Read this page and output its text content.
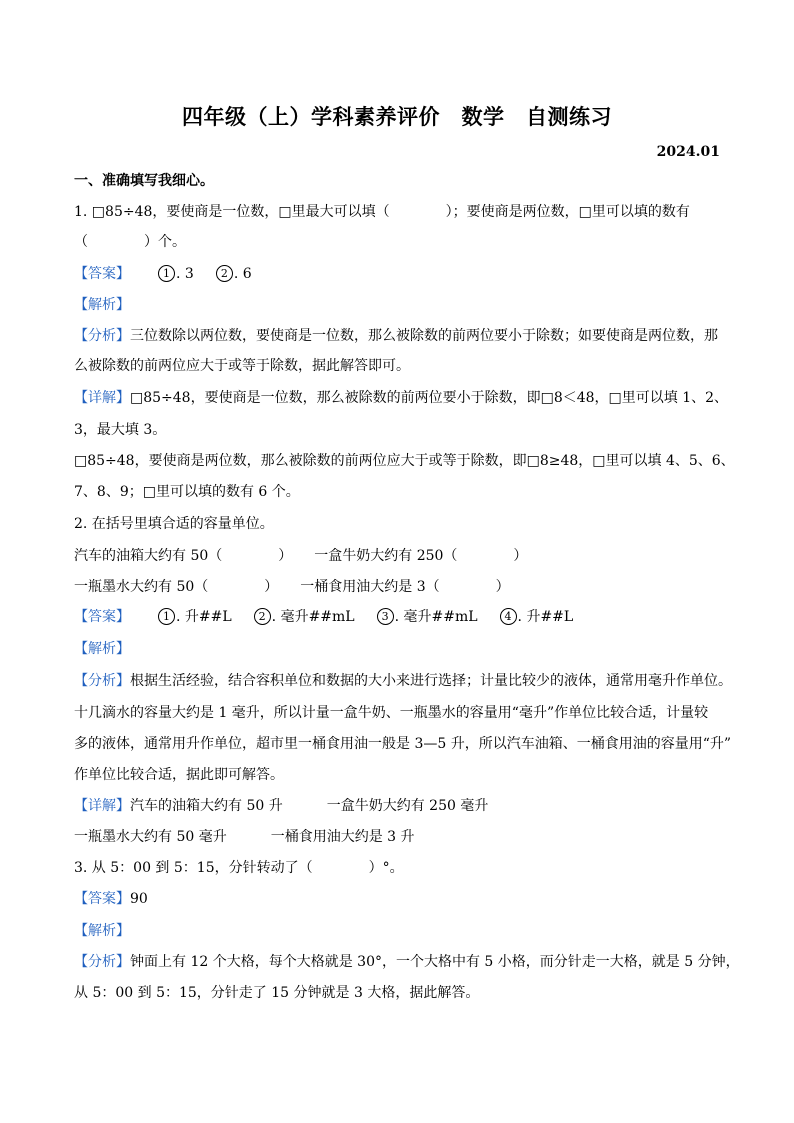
四年级（上）学科素养评价　数学　自测练习
2024.01
一、准确填写我细心。
1. □85÷48，要使商是一位数，□里最大可以填（　　　　）；要使商是两位数，□里可以填的数有
（　　　　）个。
【答案】	1 . 3 2 . 6
【解析】
【分析】三位数除以两位数，要使商是一位数，那么被除数的前两位要小于除数；如要使商是两位数，那
么被除数的前两位应大于或等于除数，据此解答即可。
【详解】□85÷48，要使商是一位数，那么被除数的前两位要小于除数，即□8＜48，□里可以填 1、2、
3，最大填 3。
□85÷48，要使商是两位数，那么被除数的前两位应大于或等于除数，即□8≥48，□里可以填 4、5、6、
7、8、9；□里可以填的数有 6 个。
2. 在括号里填合适的容量单位。
汽车的油箱大约有 50（　　　　） 一盒牛奶大约有 250（　　　　）
一瓶墨水大约有 50（　　　　） 一桶食用油大约是 3（　　　　）
【答案】	1 . 升##L 2 . 毫升##mL 3 . 毫升##mL 4 . 升##L
【解析】
【分析】根据生活经验，结合容积单位和数据的大小来进行选择；计量比较少的液体，通常用毫升作单位。
十几滴水的容量大约是 1 毫升，所以计量一盒牛奶、一瓶墨水的容量用“毫升”作单位比较合适，计量较
多的液体，通常用升作单位，超市里一桶食用油一般是 3—5 升，所以汽车油箱、一桶食用油的容量用“升”
作单位比较合适，据此即可解答。
【详解】汽车的油箱大约有 50 升	一盒牛奶大约有 250 毫升
一瓶墨水大约有 50 毫升	一桶食用油大约是 3 升
3. 从 5：00 到 5：15，分针转动了（　　　　）°。
【答案】90
【解析】
【分析】钟面上有 12 个大格，每个大格就是 30°，一个大格中有 5 小格，而分针走一大格，就是 5 分钟，
从 5：00 到 5：15，分针走了 15 分钟就是 3 大格，据此解答。
